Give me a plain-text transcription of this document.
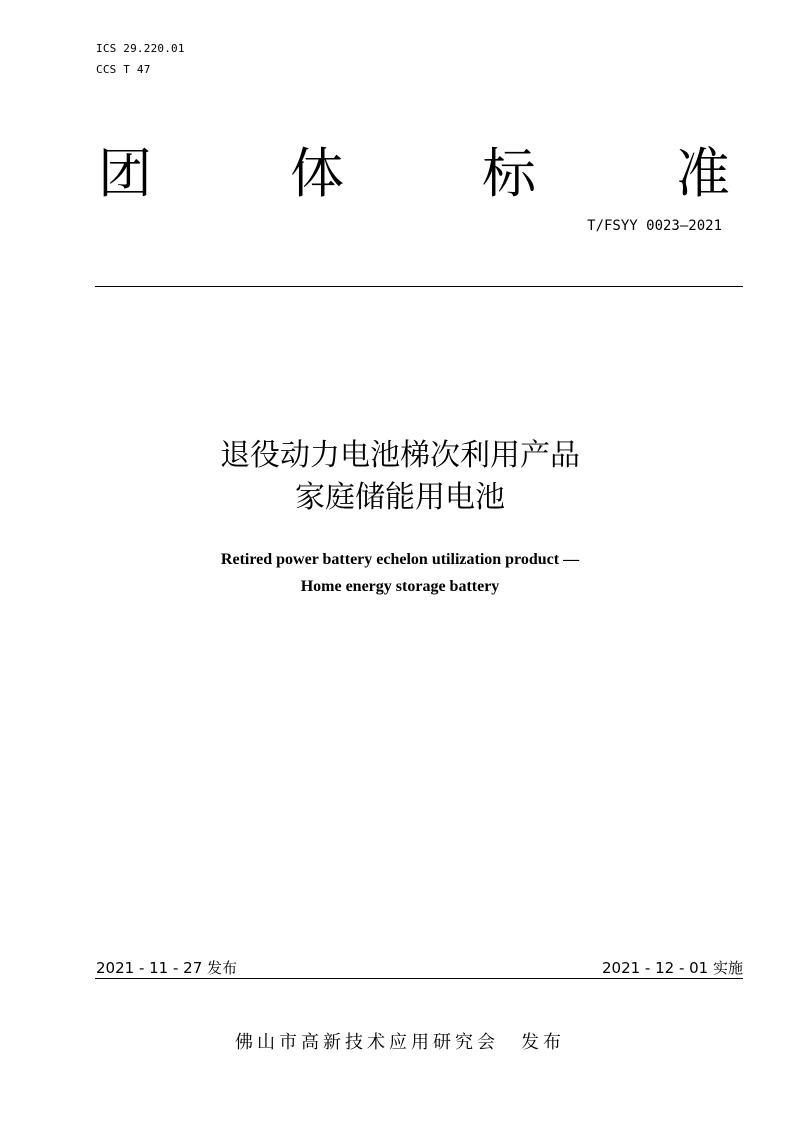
ICS 29.220.01
CCS T 47
团	体	标	准
T/FSYY 0023—2021
退役动力电池梯次利用产品
家庭储能用电池
Retired power battery echelon utilization product —
Home energy storage battery
2021 - 11 - 27 发布	2021 - 12 - 01 实施
佛山市高新技术应用研究会 发布
